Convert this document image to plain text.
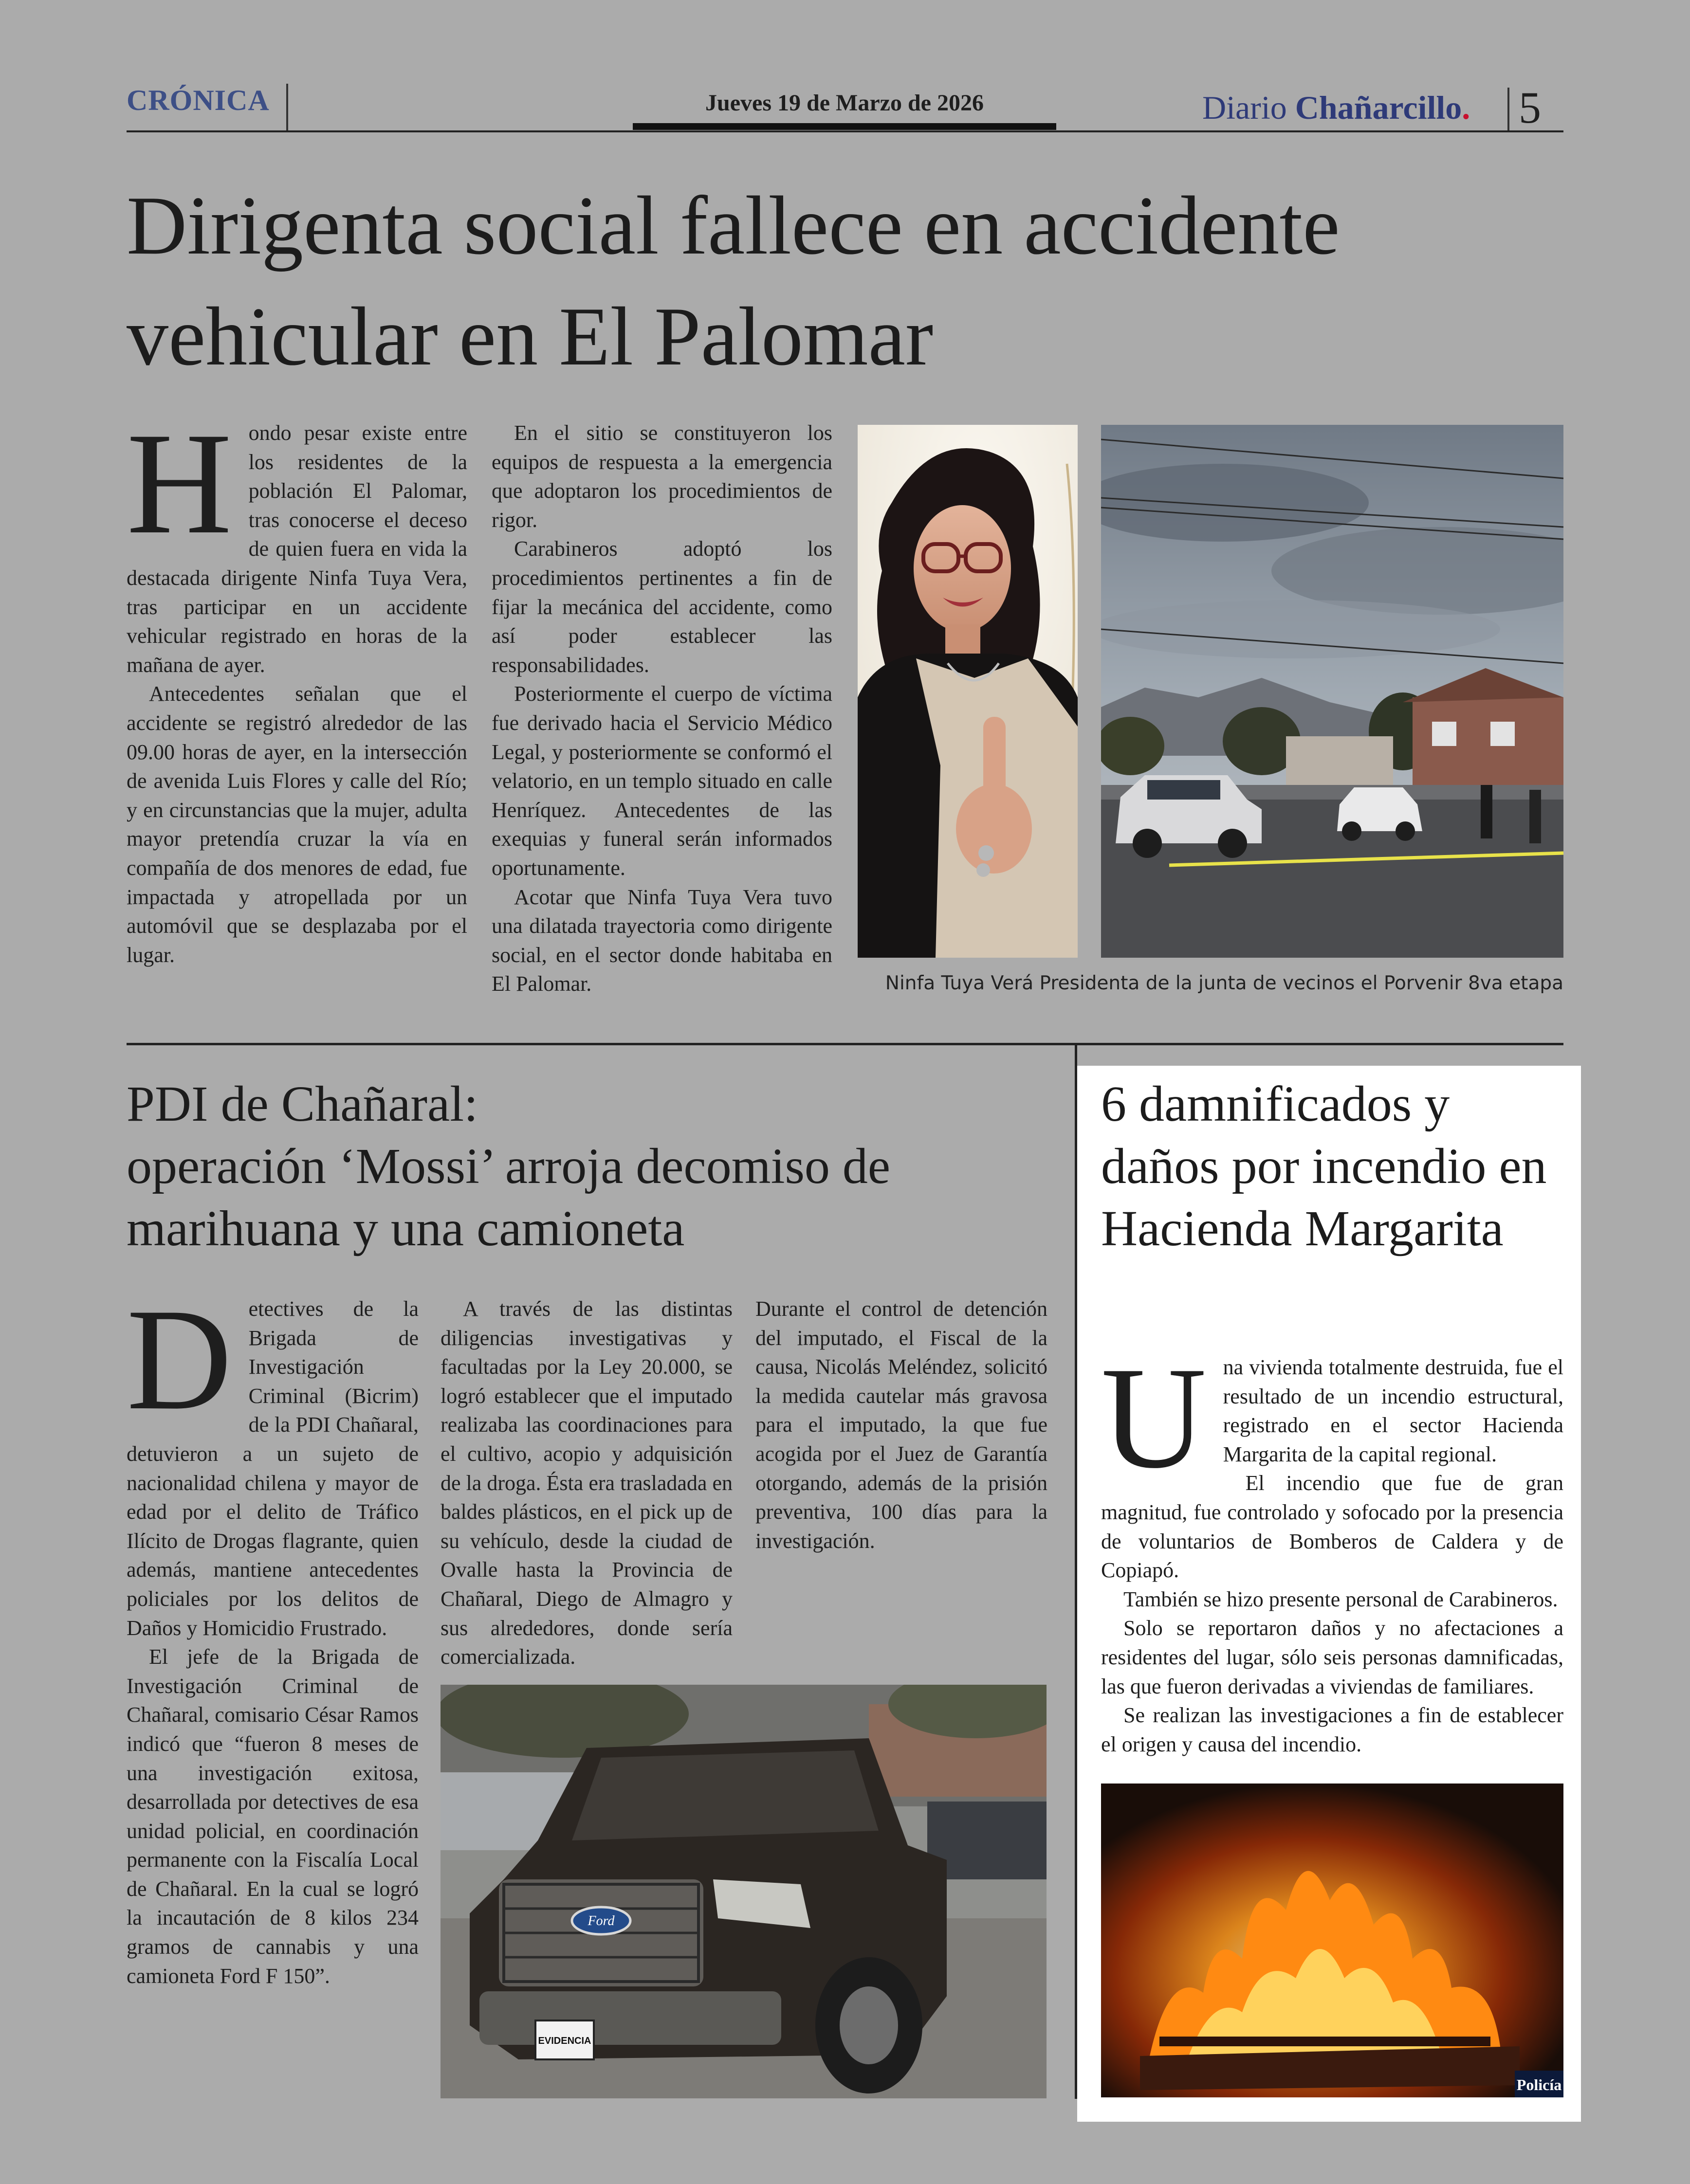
CRÓNICA	Jueves 19 de Marzo de 2026	Diario Chañarcillo. 5
Dirigenta social fallece en accidente vehicular en El Palomar

Hondo pesar existe entre los residentes de la población El Palomar, tras conocerse el deceso de quien fuera en vida la destacada dirigente Ninfa Tuya Vera, tras participar en un accidente vehicular registrado en horas de la mañana de ayer.

Antecedentes señalan que el accidente se registró alrededor de las 09.00 horas de ayer, en la intersección de avenida Luis Flores y calle del Río; y en circunstancias que la mujer, adulta mayor pretendía cruzar la vía en compañía de dos menores de edad, fue impactada y atropellada por un automóvil que se desplazaba por el lugar.

En el sitio se constituyeron los equipos de respuesta a la emergencia que adoptaron los procedimientos de rigor.

Carabineros adoptó los procedimientos pertinentes a fin de fijar la mecánica del accidente, como así poder establecer las responsabilidades.

Posteriormente el cuerpo de víctima fue derivado hacia el Servicio Médico Legal, y posteriormente se conformó el velatorio, en un templo situado en calle Henríquez. Antecedentes de las exequias y funeral serán informados oportunamente.

Acotar que Ninfa Tuya Vera tuvo una dilatada trayectoria como dirigente social, en el sector donde habitaba en El Palomar.	Ninfa Tuya Verá Presidenta de la junta de vecinos el Porvenir 8va etapa
PDI de Chañaral:
operación ‘Mossi’ arroja decomiso de marihuana y una camioneta

Detectives de la Brigada de Investigación Criminal (Bicrim) de la PDI Chañaral, detuvieron a un sujeto de nacionalidad chilena y mayor de edad por el delito de Tráfico Ilícito de Drogas flagrante, quien además, mantiene antecedentes policiales por los delitos de Daños y Homicidio Frustrado.

El jefe de la Brigada de Investigación Criminal de Chañaral, comisario César Ramos indicó que “fueron 8 meses de una investigación exitosa, desarrollada por detectives de esa unidad policial, en coordinación permanente con la Fiscalía Local de Chañaral. En la cual se logró la incautación de 8 kilos 234 gramos de cannabis y una camioneta Ford F 150”.

A través de las distintas diligencias investigativas y facultadas por la Ley 20.000, se logró establecer que el imputado realizaba las coordinaciones para el cultivo, acopio y adquisición de la droga. Ésta era trasladada en baldes plásticos, en el pick up de su vehículo, desde la ciudad de Ovalle hasta la Provincia de Chañaral, Diego de Almagro y sus alrededores, donde sería comercializada.

Durante el control de detención del imputado, el Fiscal de la causa, Nicolás Meléndez, solicitó la medida cautelar más gravosa para el imputado, la que fue acogida por el Juez de Garantía otorgando, además de la prisión preventiva, 100 días para la investigación.

Ford
EVIDENCIA
6 damnificados y daños por incendio en Hacienda Margarita

Una vivienda totalmente destruida, fue el resultado de un incendio estructural, registrado en el sector Hacienda Margarita de la capital regional.

El incendio que fue de gran magnitud, fue controlado y sofocado por la presencia de voluntarios de Bomberos de Caldera y de Copiapó.

También se hizo presente personal de Carabineros.

Solo se reportaron daños y no afectaciones a residentes del lugar, sólo seis personas damnificadas, las que fueron derivadas a viviendas de familiares.

Se realizan las investigaciones a fin de establecer el origen y causa del incendio.

Policía
